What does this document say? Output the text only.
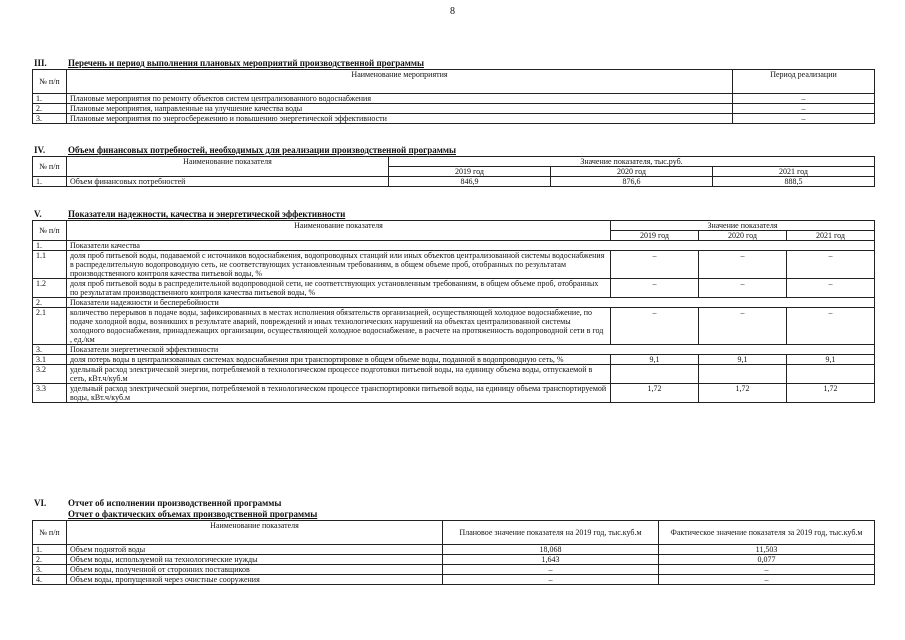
8
III. Перечень и период выполнения плановых мероприятий производственной программы
№ п/п	Наименование мероприятия	Период реализации
1.	Плановые мероприятия по ремонту объектов систем централизованного водоснабжения	–
2.	Плановые мероприятия, направленные на улучшение качества воды	–
3.	Плановые мероприятия по энергосбережению и повышению энергетической эффективности	–
IV.	Объем финансовых потребностей, необходимых для реализации производственной программы
№ п/п	Наименование показателя	Значение показателя, тыс.руб.		
		2019 год	2020 год	2021 год
1.	Объем финансовых потребностей	846,9	876,6	888,5
V.	Показатели надежности, качества и энергетической эффективности
№ п/п	Наименование показателя	Значение показателя		
		2019 год	2020 год	2021 год
1.	Показатели качества			
1.1	доля проб питьевой воды, подаваемой с источников водоснабжения, водопроводных станций или иных объектов централизованной системы водоснабжения в распределительную водопроводную сеть, не соответствующих установленным требованиям, в общем объеме проб, отобранных по результатам производственного контроля качества питьевой воды, %	–	–	–
1.2	доля проб питьевой воды в распределительной водопроводной сети, не соответствующих установленным требованиям, в общем объеме проб, отобранных по результатам производственного контроля качества питьевой воды, %	–	–	–
2.	Показатели надежности и бесперебойности			
2.1	количество перерывов в подаче воды, зафиксированных в местах исполнения обязательств организацией, осуществляющей холодное водоснабжение, по подаче холодной воды, возникших в результате аварий, повреждений и иных технологических нарушений на объектах централизованной системы холодного водоснабжения, принадлежащих организации, осуществляющей холодное водоснабжение, в расчете на протяженность водопроводной сети в год , ед./км	–	–	–
3.	Показатели энергетической эффективности			
3.1	доля потерь воды в централизованных системах водоснабжения при транспортировке в общем объеме воды, поданной в водопроводную сеть, %	9,1	9,1	9,1
3.2	удельный расход электрической энергии, потребляемой в технологическом процессе подготовки питьевой воды, на единицу объема воды, отпускаемой в сеть, кВт.ч/куб.м			
3.3	удельный расход электрической энергии, потребляемой в технологическом процессе транспортировки питьевой воды, на единицу объема транспортируемой воды, кВт.ч/куб.м	1,72	1,72	1,72
VI. Отчет об исполнении производственной программы
Отчет о фактических объемах производственной программы
№ п/п	Наименование показателя	Плановое значение показателя на 2019 год, тыс.куб.м	Фактическое значение показателя за 2019 год, тыс.куб.м
1.	Объем поднятой воды	18,068	11,503
2.	Объем воды, используемой на технологические нужды	1,643	0,077
3.	Объем воды, полученной от сторонних поставщиков	–	–
4.	Объем воды, пропущенной через очистные сооружения	–	–
